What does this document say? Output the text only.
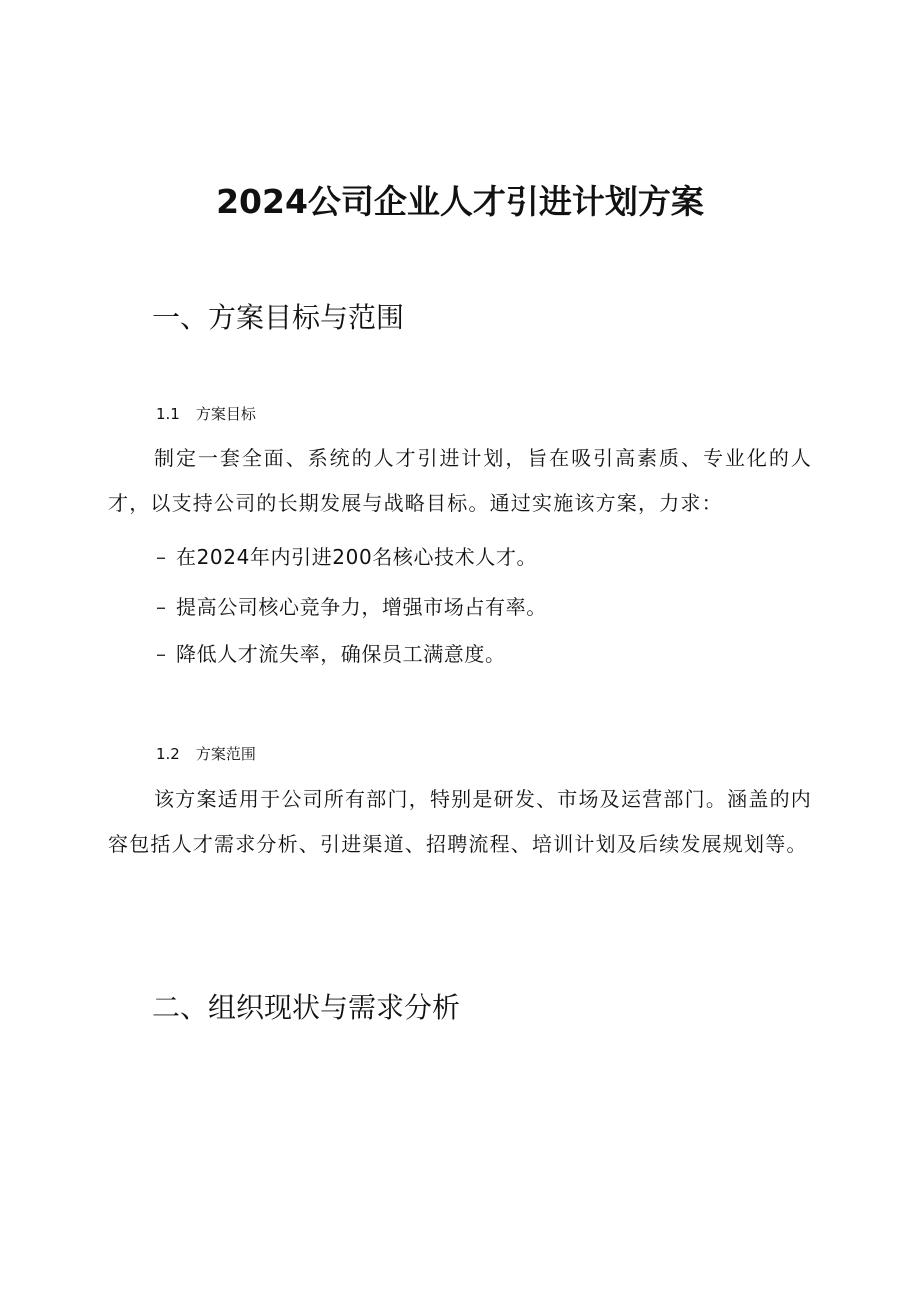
2024公司企业人才引进计划方案
一、方案目标与范围
1.1 方案目标

制定一套全面、系统的人才引进计划，旨在吸引高素质、专业化的人才，以支持公司的长期发展与战略目标。通过实施该方案，力求：

– 在2024年内引进200名核心技术人才。
– 提高公司核心竞争力，增强市场占有率。
– 降低人才流失率，确保员工满意度。
1.2 方案范围

该方案适用于公司所有部门，特别是研发、市场及运营部门。涵盖的内容包括人才需求分析、引进渠道、招聘流程、培训计划及后续发展规划等。

二、组织现状与需求分析
